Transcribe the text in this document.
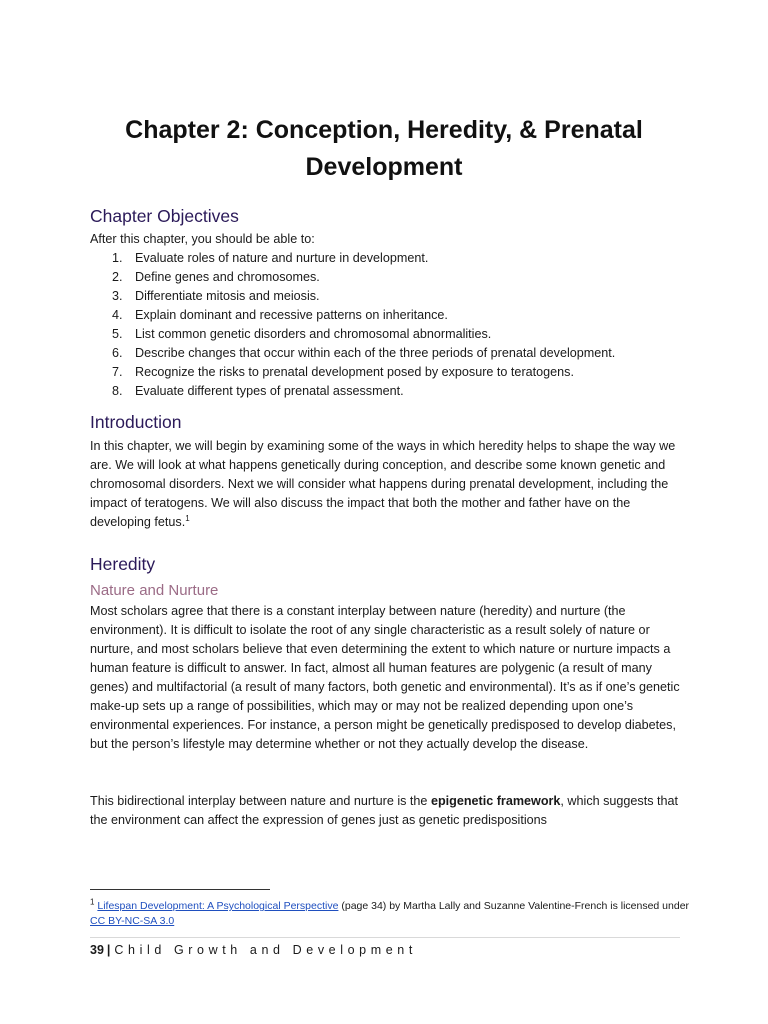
Chapter 2: Conception, Heredity, & Prenatal
Development
Chapter Objectives

After this chapter, you should be able to:

1. Evaluate roles of nature and nurture in development.
2. Define genes and chromosomes.
3. Differentiate mitosis and meiosis.
4. Explain dominant and recessive patterns on inheritance.
5. List common genetic disorders and chromosomal abnormalities.
6. Describe changes that occur within each of the three periods of prenatal development.
7. Recognize the risks to prenatal development posed by exposure to teratogens.
8. Evaluate different types of prenatal assessment.
Introduction

In this chapter, we will begin by examining some of the ways in which heredity helps to shape the way we are. We will look at what happens genetically during conception, and describe some known genetic and chromosomal disorders. Next we will consider what happens during prenatal development, including the impact of teratogens. We will also discuss the impact that both the mother and father have on the developing fetus.$^1$

Heredity
Nature and Nurture

Most scholars agree that there is a constant interplay between nature (heredity) and nurture (the environment). It is difficult to isolate the root of any single characteristic as a result solely of nature or nurture, and most scholars believe that even determining the extent to which nature or nurture impacts a human feature is difficult to answer. In fact, almost all human features are polygenic (a result of many genes) and multifactorial (a result of many factors, both genetic and environmental). It’s as if one’s genetic make-up sets up a range of possibilities, which may or may not be realized depending upon one’s environmental experiences. For instance, a person might be genetically predisposed to develop diabetes, but the person’s lifestyle may determine whether or not they actually develop the disease.

This bidirectional interplay between nature and nurture is the epigenetic framework, which suggests that the environment can affect the expression of genes just as genetic predispositions

$^1$ Lifespan Development: A Psychological Perspective (page 34) by Martha Lally and Suzanne Valentine-French is licensed under CC BY-NC-SA 3.0

39 | Child Growth and Development
